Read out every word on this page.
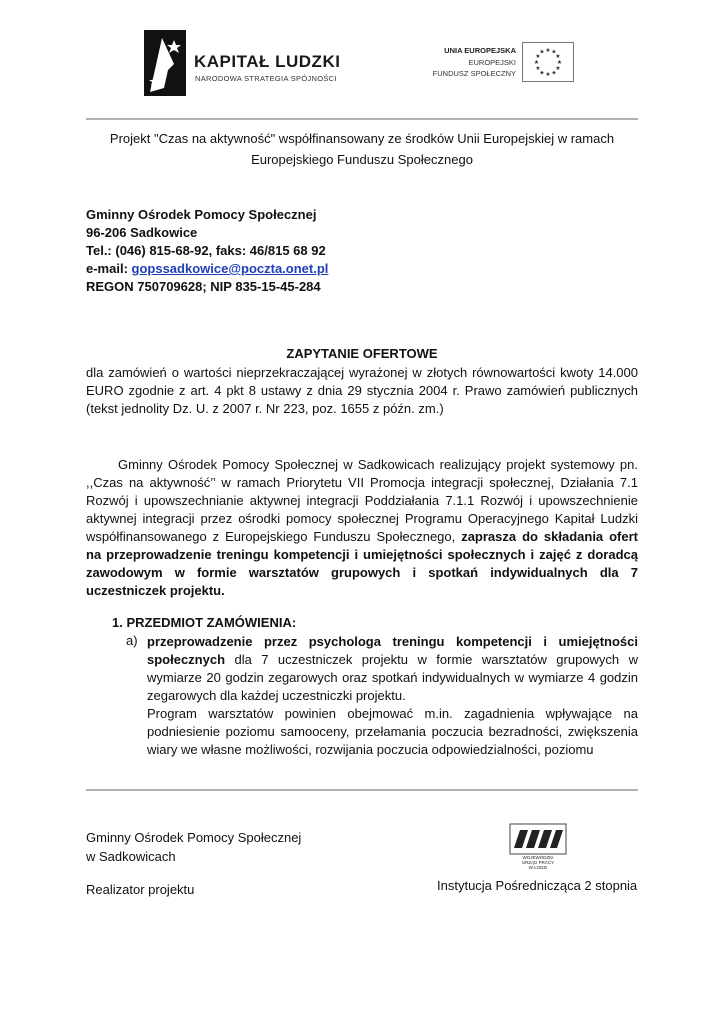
KAPITAŁ LUDZKI
NARODOWA STRATEGIA SPÓJNOŚCI
UNIA EUROPEJSKA
EUROPEJSKI
FUNDUSZ SPOŁECZNY
★ ★
★
★
★
★
★
★
★
★
★
★
Projekt "Czas na aktywność" współfinansowany ze środków Unii Europejskiej w ramach
Europejskiego Funduszu Społecznego
Gminny Ośrodek Pomocy Społecznej
96-206 Sadkowice
Tel.: (046) 815-68-92, faks: 46/815 68 92
e-mail: gopssadkowice@poczta.onet.pl
REGON 750709628; NIP 835-15-45-284
ZAPYTANIE OFERTOWE
dla zamówień o wartości nieprzekraczającej wyrażonej w złotych równowartości kwoty 14.000 EURO zgodnie z art. 4 pkt 8 ustawy z dnia 29 stycznia 2004 r. Prawo zamówień publicznych (tekst jednolity Dz. U. z 2007 r. Nr 223, poz. 1655 z późn. zm.)
Gminny Ośrodek Pomocy Społecznej w Sadkowicach realizujący projekt systemowy pn. ,,Czas na aktywność’’ w ramach Priorytetu VII Promocja integracji społecznej, Działania 7.1 Rozwój i upowszechnianie aktywnej integracji Poddziałania 7.1.1 Rozwój i upowszechnienie aktywnej integracji przez ośrodki pomocy społecznej Programu Operacyjnego Kapitał Ludzki współfinansowanego z Europejskiego Funduszu Społecznego, zaprasza do składania ofert na przeprowadzenie treningu kompetencji i umiejętności społecznych i zajęć z doradcą zawodowym w formie warsztatów grupowych i spotkań indywidualnych dla 7 uczestniczek projektu.
1. PRZEDMIOT ZAMÓWIENIA:
a) przeprowadzenie przez psychologa treningu kompetencji i umiejętności społecznych dla 7 uczestniczek projektu w formie warsztatów grupowych w wymiarze 20 godzin zegarowych oraz spotkań indywidualnych w wymiarze 4 godzin zegarowych dla każdej uczestniczki projektu.
Program warsztatów powinien obejmować m.in. zagadnienia wpływające na podniesienie poziomu samooceny, przełamania poczucia bezradności, zwiększenia wiary we własne możliwości, rozwijania poczucia odpowiedzialności, poziomu
Gminny Ośrodek Pomocy Społecznej
w Sadkowicach
Realizator projektu
WOJEWÓDZKI
URZĄD PRACY
W ŁODZI
Instytucja Pośrednicząca 2 stopnia
